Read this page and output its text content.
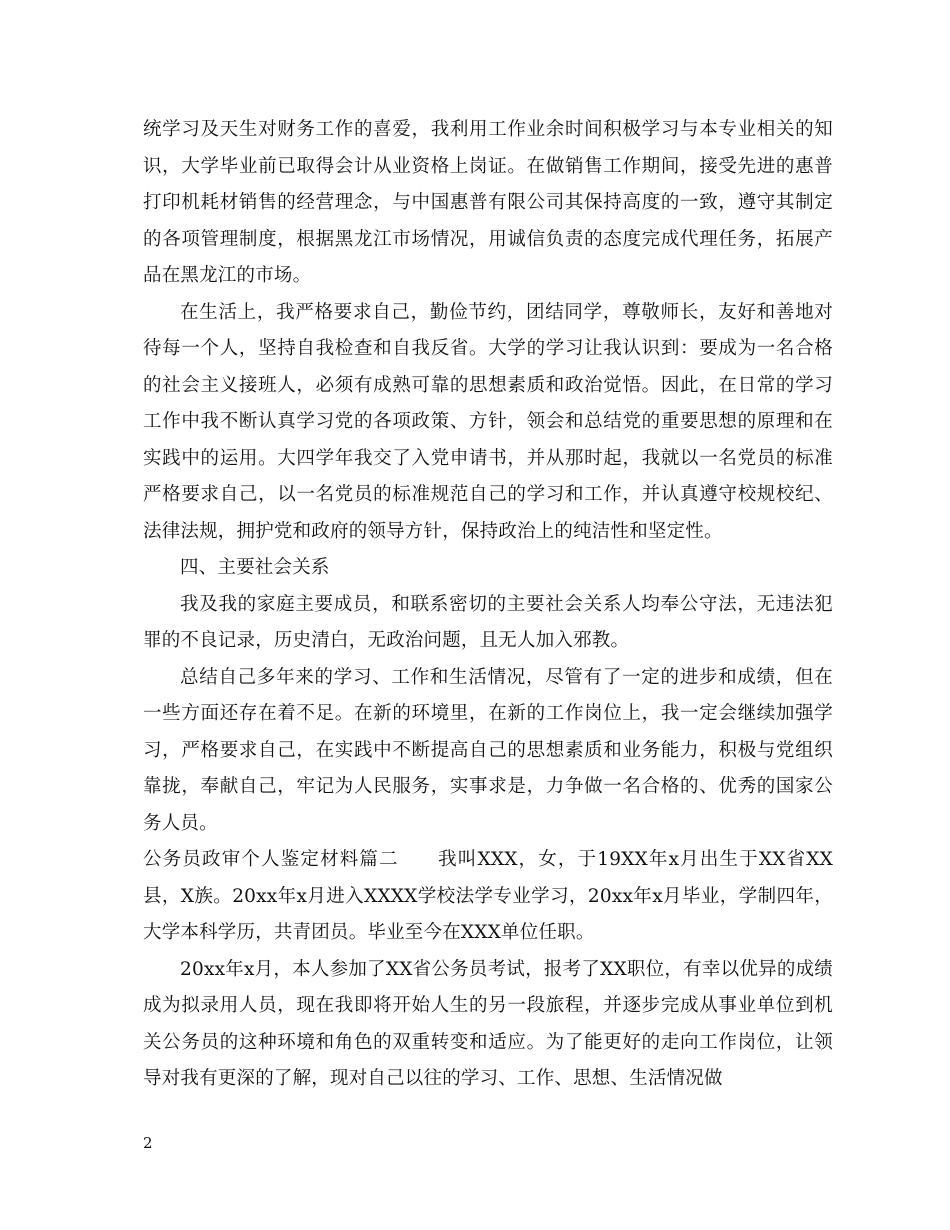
统学习及天生对财务工作的喜爱，我利用工作业余时间积极学习与本专业相关的知识，大学毕业前已取得会计从业资格上岗证。在做销售工作期间，接受先进的惠普打印机耗材销售的经营理念，与中国惠普有限公司其保持高度的一致，遵守其制定的各项管理制度，根据黑龙江市场情况，用诚信负责的态度完成代理任务，拓展产品在黑龙江的市场。

在生活上，我严格要求自己，勤俭节约，团结同学，尊敬师长，友好和善地对待每一个人，坚持自我检查和自我反省。大学的学习让我认识到：要成为一名合格的社会主义接班人，必须有成熟可靠的思想素质和政治觉悟。因此，在日常的学习工作中我不断认真学习党的各项政策、方针，领会和总结党的重要思想的原理和在实践中的运用。大四学年我交了入党申请书，并从那时起，我就以一名党员的标准严格要求自己，以一名党员的标准规范自己的学习和工作，并认真遵守校规校纪、法律法规，拥护党和政府的领导方针，保持政治上的纯洁性和坚定性。

四、主要社会关系

我及我的家庭主要成员，和联系密切的主要社会关系人均奉公守法，无违法犯罪的不良记录，历史清白，无政治问题，且无人加入邪教。

总结自己多年来的学习、工作和生活情况，尽管有了一定的进步和成绩，但在一些方面还存在着不足。在新的环境里，在新的工作岗位上，我一定会继续加强学习，严格要求自己，在实践中不断提高自己的思想素质和业务能力，积极与党组织靠拢，奉献自己，牢记为人民服务，实事求是，力争做一名合格的、优秀的国家公务人员。

公务员政审个人鉴定材料篇二　　我叫XXX，女，于19XX年x月出生于XX省XX县，X族。20xx年x月进入XXXX学校法学专业学习，20xx年x月毕业，学制四年，大学本科学历，共青团员。毕业至今在XXX单位任职。

20xx年x月，本人参加了XX省公务员考试，报考了XX职位，有幸以优异的成绩成为拟录用人员，现在我即将开始人生的另一段旅程，并逐步完成从事业单位到机关公务员的这种环境和角色的双重转变和适应。为了能更好的走向工作岗位，让领导对我有更深的了解，现对自己以往的学习、工作、思想、生活情况做

2
